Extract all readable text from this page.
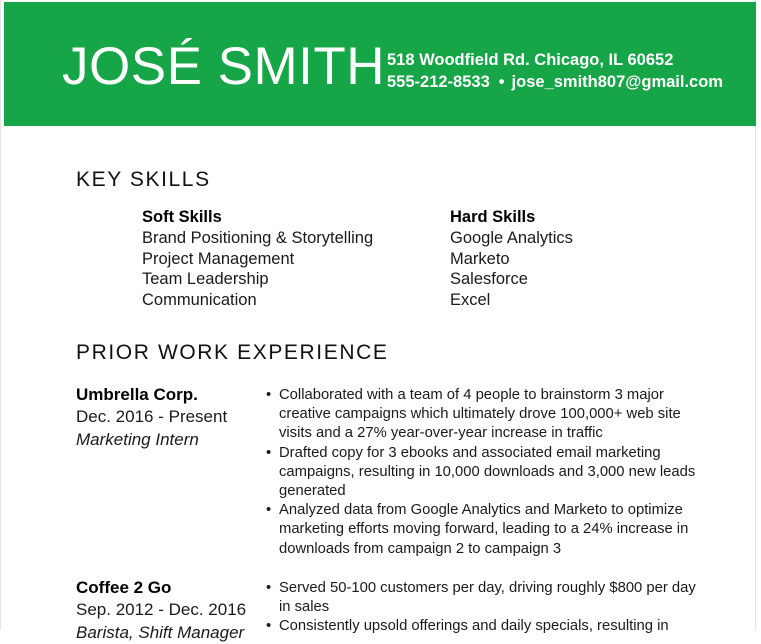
JOSÉ SMITH 518 Woodfield Rd. Chicago, IL 60652
555-212-8533 • jose_smith807@gmail.com
KEY SKILLS
Soft Skills
Brand Positioning & Storytelling
Project Management
Team Leadership
Communication
Hard Skills
Google Analytics
Marketo
Salesforce
Excel
PRIOR WORK EXPERIENCE
Umbrella Corp.
Dec. 2016 - Present
Marketing Intern
• Collaborated with a team of 4 people to brainstorm 3 major creative campaigns which ultimately drove 100,000+ web site visits and a 27% year-over-year increase in traffic
• Drafted copy for 3 ebooks and associated email marketing campaigns, resulting in 10,000 downloads and 3,000 new leads generated
• Analyzed data from Google Analytics and Marketo to optimize marketing efforts moving forward, leading to a 24% increase in downloads from campaign 2 to campaign 3
Coffee 2 Go
Sep. 2012 - Dec. 2016
Barista, Shift Manager
• Served 50-100 customers per day, driving roughly $800 per day in sales
• Consistently upsold offerings and daily specials, resulting in
